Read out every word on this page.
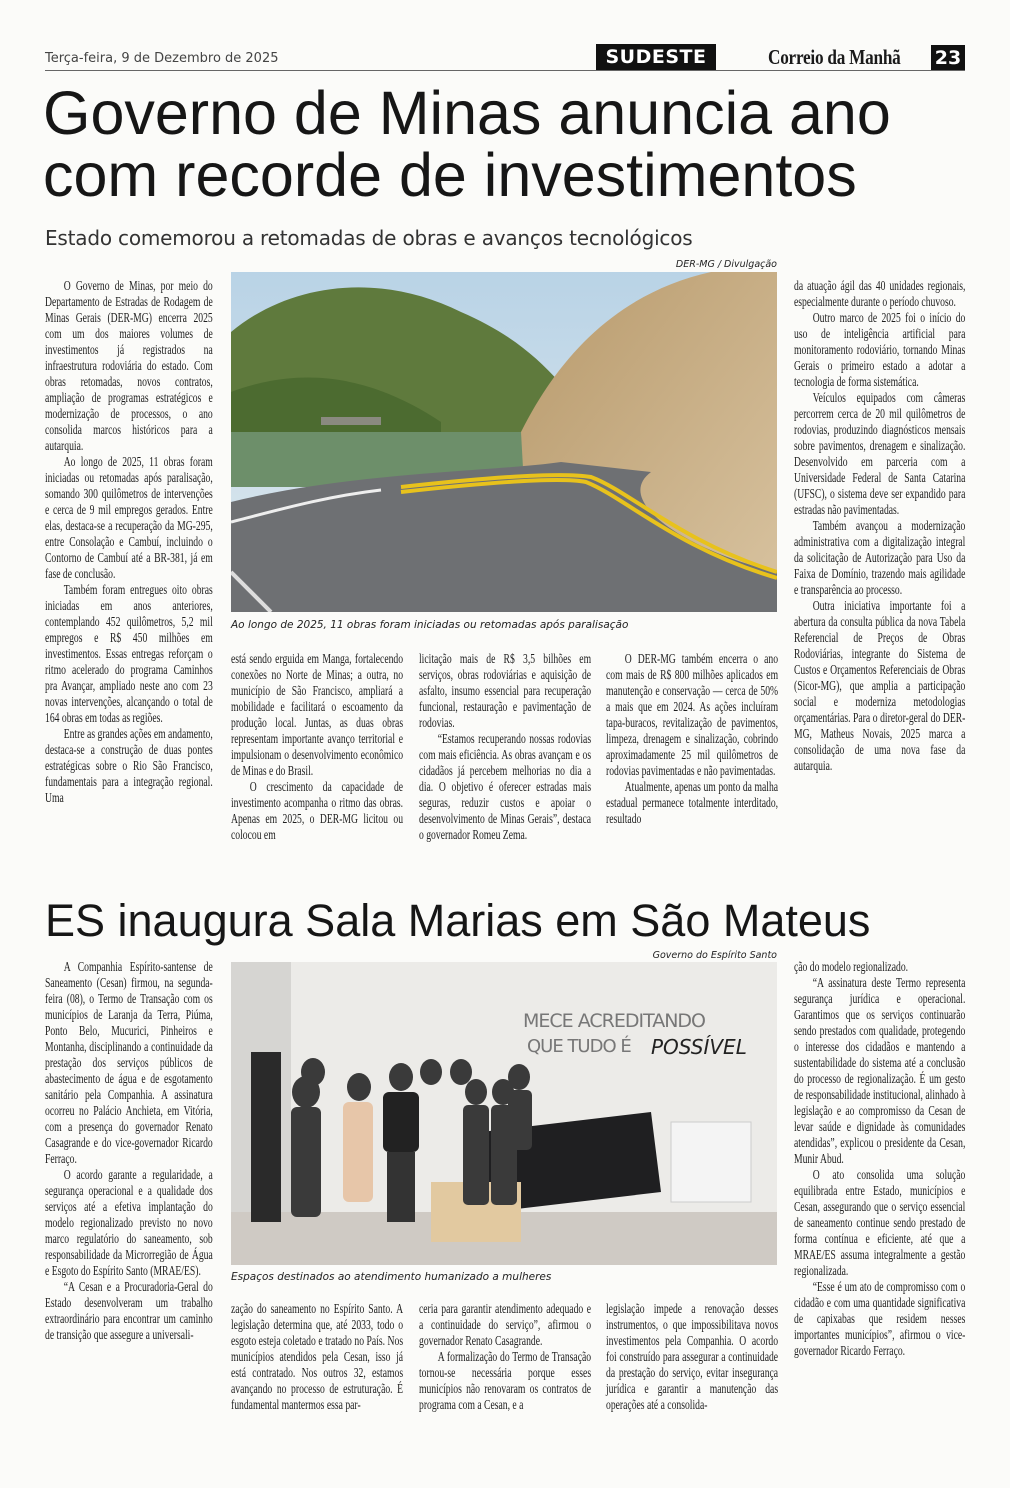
Terça-feira, 9 de Dezembro de 2025	SUDESTE	Correio da Manhã 23
Governo de Minas anuncia ano com recorde de investimentos
Estado comemorou a retomadas de obras e avanços tecnológicos
DER-MG / Divulgação
Ao longo de 2025, 11 obras foram iniciadas ou retomadas após paralisação

O Governo de Minas, por meio do Departamento de Estradas de Rodagem de Minas Gerais (DER-MG) encerra 2025 com um dos maiores volumes de investimentos já registrados na infraestrutura rodoviária do estado. Com obras retomadas, novos contratos, ampliação de programas estratégicos e modernização de processos, o ano consolida marcos históricos para a autarquia.

Ao longo de 2025, 11 obras foram iniciadas ou retomadas após paralisação, somando 300 quilômetros de intervenções e cerca de 9 mil empregos gerados. Entre elas, destaca-se a recuperação da MG-295, entre Consolação e Cambuí, incluindo o Contorno de Cambuí até a BR-381, já em fase de conclusão.

Também foram entregues oito obras iniciadas em anos anteriores, contemplando 452 quilômetros, 5,2 mil empregos e R$ 450 milhões em investimentos. Essas entregas reforçam o ritmo acelerado do programa Caminhos pra Avançar, ampliado neste ano com 23 novas intervenções, alcançando o total de 164 obras em todas as regiões.

Entre as grandes ações em andamento, destaca-se a construção de duas pontes estratégicas sobre o Rio São Francisco, fundamentais para a integração regional. Uma

está sendo erguida em Manga, fortalecendo conexões no Norte de Minas; a outra, no município de São Francisco, ampliará a mobilidade e facilitará o escoamento da produção local. Juntas, as duas obras representam importante avanço territorial e impulsionam o desenvolvimento econômico de Minas e do Brasil.

O crescimento da capacidade de investimento acompanha o ritmo das obras. Apenas em 2025, o DER-MG licitou ou colocou em

licitação mais de R$ 3,5 bilhões em serviços, obras rodoviárias e aquisição de asfalto, insumo essencial para recuperação funcional, restauração e pavimentação de rodovias.

“Estamos recuperando nossas rodovias com mais eficiência. As obras avançam e os cidadãos já percebem melhorias no dia a dia. O objetivo é oferecer estradas mais seguras, reduzir custos e apoiar o desenvolvimento de Minas Gerais”, destaca o governador Romeu Zema.

O DER-MG também encerra o ano com mais de R$ 800 milhões aplicados em manutenção e conservação — cerca de 50% a mais que em 2024. As ações incluíram tapa-buracos, revitalização de pavimentos, limpeza, drenagem e sinalização, cobrindo aproximadamente 25 mil quilômetros de rodovias pavimentadas e não pavimentadas.

Atualmente, apenas um ponto da malha estadual permanece totalmente interditado, resultado

da atuação ágil das 40 unidades regionais, especialmente durante o período chuvoso.

Outro marco de 2025 foi o início do uso de inteligência artificial para monitoramento rodoviário, tornando Minas Gerais o primeiro estado a adotar a tecnologia de forma sistemática.

Veículos equipados com câmeras percorrem cerca de 20 mil quilômetros de rodovias, produzindo diagnósticos mensais sobre pavimentos, drenagem e sinalização. Desenvolvido em parceria com a Universidade Federal de Santa Catarina (UFSC), o sistema deve ser expandido para estradas não pavimentadas.

Também avançou a modernização administrativa com a digitalização integral da solicitação de Autorização para Uso da Faixa de Domínio, trazendo mais agilidade e transparência ao processo.

Outra iniciativa importante foi a abertura da consulta pública da nova Tabela Referencial de Preços de Obras Rodoviárias, integrante do Sistema de Custos e Orçamentos Referenciais de Obras (Sicor-MG), que amplia a participação social e moderniza metodologias orçamentárias. Para o diretor-geral do DER-MG, Matheus Novais, 2025 marca a consolidação de uma nova fase da autarquia.

ES inaugura Sala Marias em São Mateus
Governo do Espírito Santo
MECE ACREDITANDO
QUE TUDO É POSSÍVEL
Espaços destinados ao atendimento humanizado a mulheres

A Companhia Espírito-santense de Saneamento (Cesan) firmou, na segunda-feira (08), o Termo de Transação com os municípios de Laranja da Terra, Piúma, Ponto Belo, Mucurici, Pinheiros e Montanha, disciplinando a continuidade da prestação dos serviços públicos de abastecimento de água e de esgotamento sanitário pela Companhia. A assinatura ocorreu no Palácio Anchieta, em Vitória, com a presença do governador Renato Casagrande e do vice-governador Ricardo Ferraço.

O acordo garante a regularidade, a segurança operacional e a qualidade dos serviços até a efetiva implantação do modelo regionalizado previsto no novo marco regulatório do saneamento, sob responsabilidade da Microrregião de Água e Esgoto do Espírito Santo (MRAE/ES).

“A Cesan e a Procuradoria-Geral do Estado desenvolveram um trabalho extraordinário para encontrar um caminho de transição que assegure a universali-

zação do saneamento no Espírito Santo. A legislação determina que, até 2033, todo o esgoto esteja coletado e tratado no País. Nos municípios atendidos pela Cesan, isso já está contratado. Nos outros 32, estamos avançando no processo de estruturação. É fundamental mantermos essa par-

ceria para garantir atendimento adequado e a continuidade do serviço”, afirmou o governador Renato Casagrande.

A formalização do Termo de Transação tornou-se necessária porque esses municípios não renovaram os contratos de programa com a Cesan, e a

legislação impede a renovação desses instrumentos, o que impossibilitava novos investimentos pela Companhia. O acordo foi construído para assegurar a continuidade da prestação do serviço, evitar insegurança jurídica e garantir a manutenção das operações até a consolida-

ção do modelo regionalizado.

“A assinatura deste Termo representa segurança jurídica e operacional. Garantimos que os serviços continuarão sendo prestados com qualidade, protegendo o interesse dos cidadãos e mantendo a sustentabilidade do sistema até a conclusão do processo de regionalização. É um gesto de responsabilidade institucional, alinhado à legislação e ao compromisso da Cesan de levar saúde e dignidade às comunidades atendidas”, explicou o presidente da Cesan, Munir Abud.

O ato consolida uma solução equilibrada entre Estado, municípios e Cesan, assegurando que o serviço essencial de saneamento continue sendo prestado de forma contínua e eficiente, até que a MRAE/ES assuma integralmente a gestão regionalizada.

“Esse é um ato de compromisso com o cidadão e com uma quantidade significativa de capixabas que residem nesses importantes municípios”, afirmou o vice-governador Ricardo Ferraço.
